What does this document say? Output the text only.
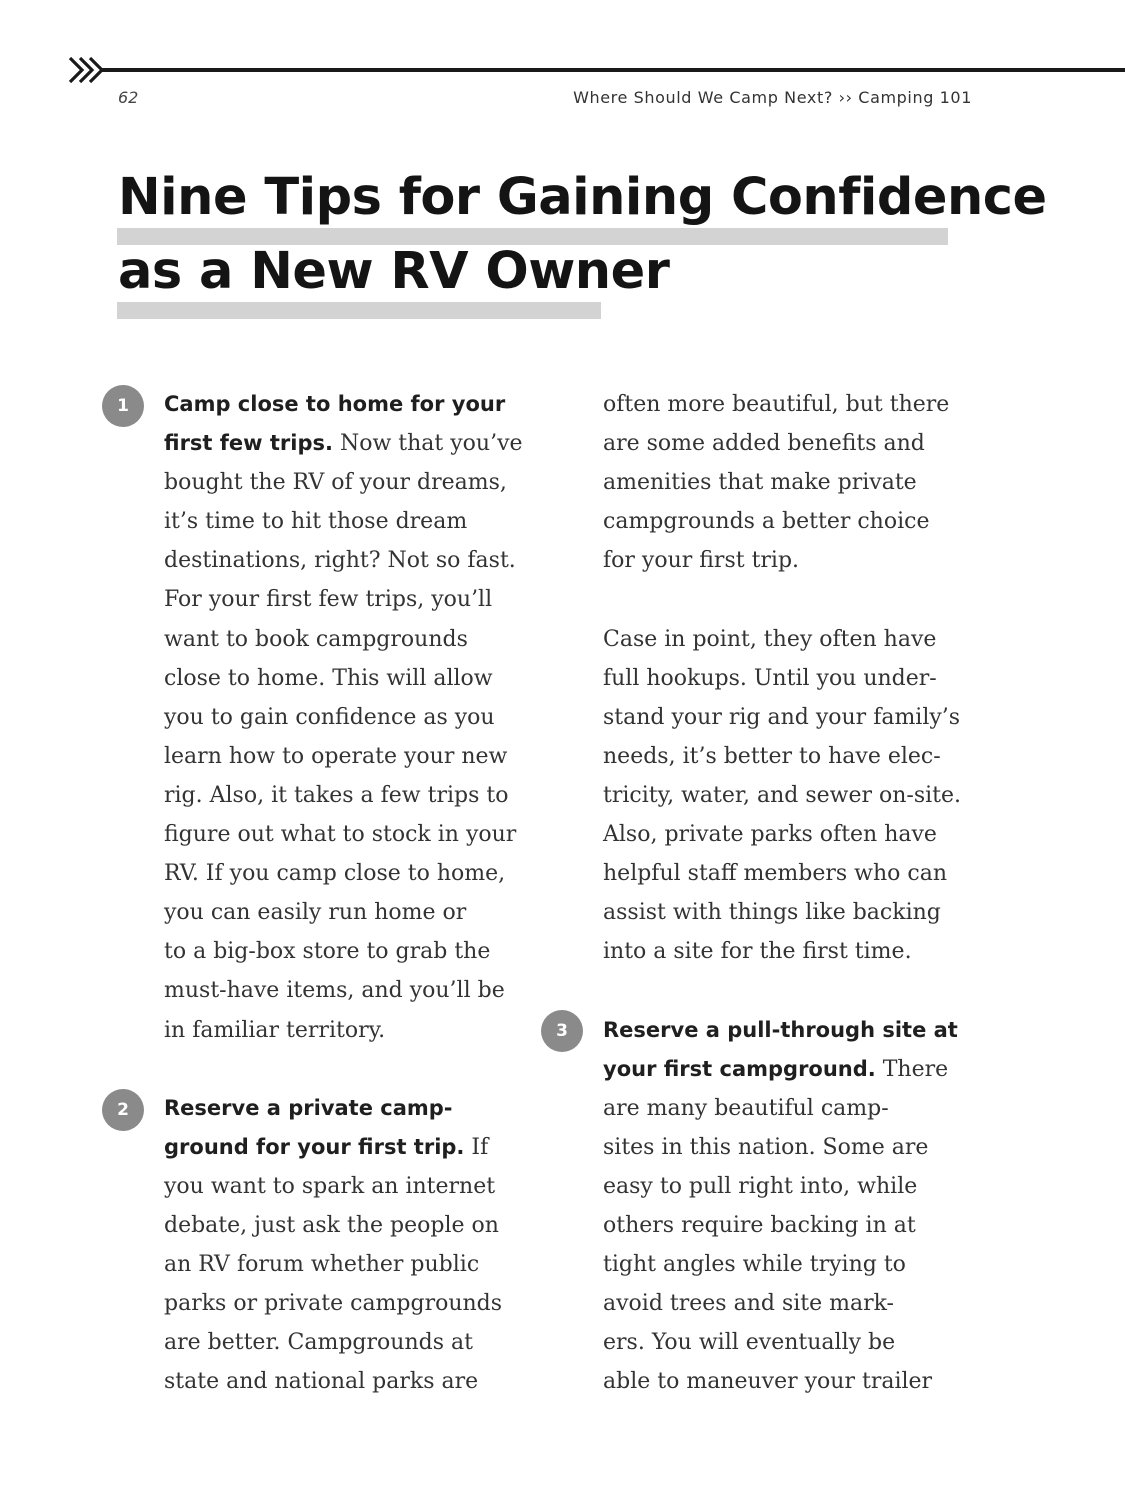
62	Where Should We Camp Next? ›› Camping 101
Nine Tips for Gaining Confidence
as a New RV Owner
1
2
3
Camp close to home for your
first few trips. Now that you’ve
bought the RV of your dreams,
it’s time to hit those dream
destinations, right? Not so fast.
For your first few trips, you’ll
want to book campgrounds
close to home. This will allow
you to gain confidence as you
learn how to operate your new
rig. Also, it takes a few trips to
figure out what to stock in your
RV. If you camp close to home,
you can easily run home or
to a big-box store to grab the
must-have items, and you’ll be
in familiar territory.
Reserve a private camp-
ground for your first trip. If
you want to spark an internet
debate, just ask the people on
an RV forum whether public
parks or private campgrounds
are better. Campgrounds at
state and national parks are
often more beautiful, but there
are some added benefits and
amenities that make private
campgrounds a better choice
for your first trip.
Case in point, they often have
full hookups. Until you under-
stand your rig and your family’s
needs, it’s better to have elec-
tricity, water, and sewer on-site.
Also, private parks often have
helpful staff members who can
assist with things like backing
into a site for the first time.
Reserve a pull-through site at
your first campground. There
are many beautiful camp-
sites in this nation. Some are
easy to pull right into, while
others require backing in at
tight angles while trying to
avoid trees and site mark-
ers. You will eventually be
able to maneuver your trailer
